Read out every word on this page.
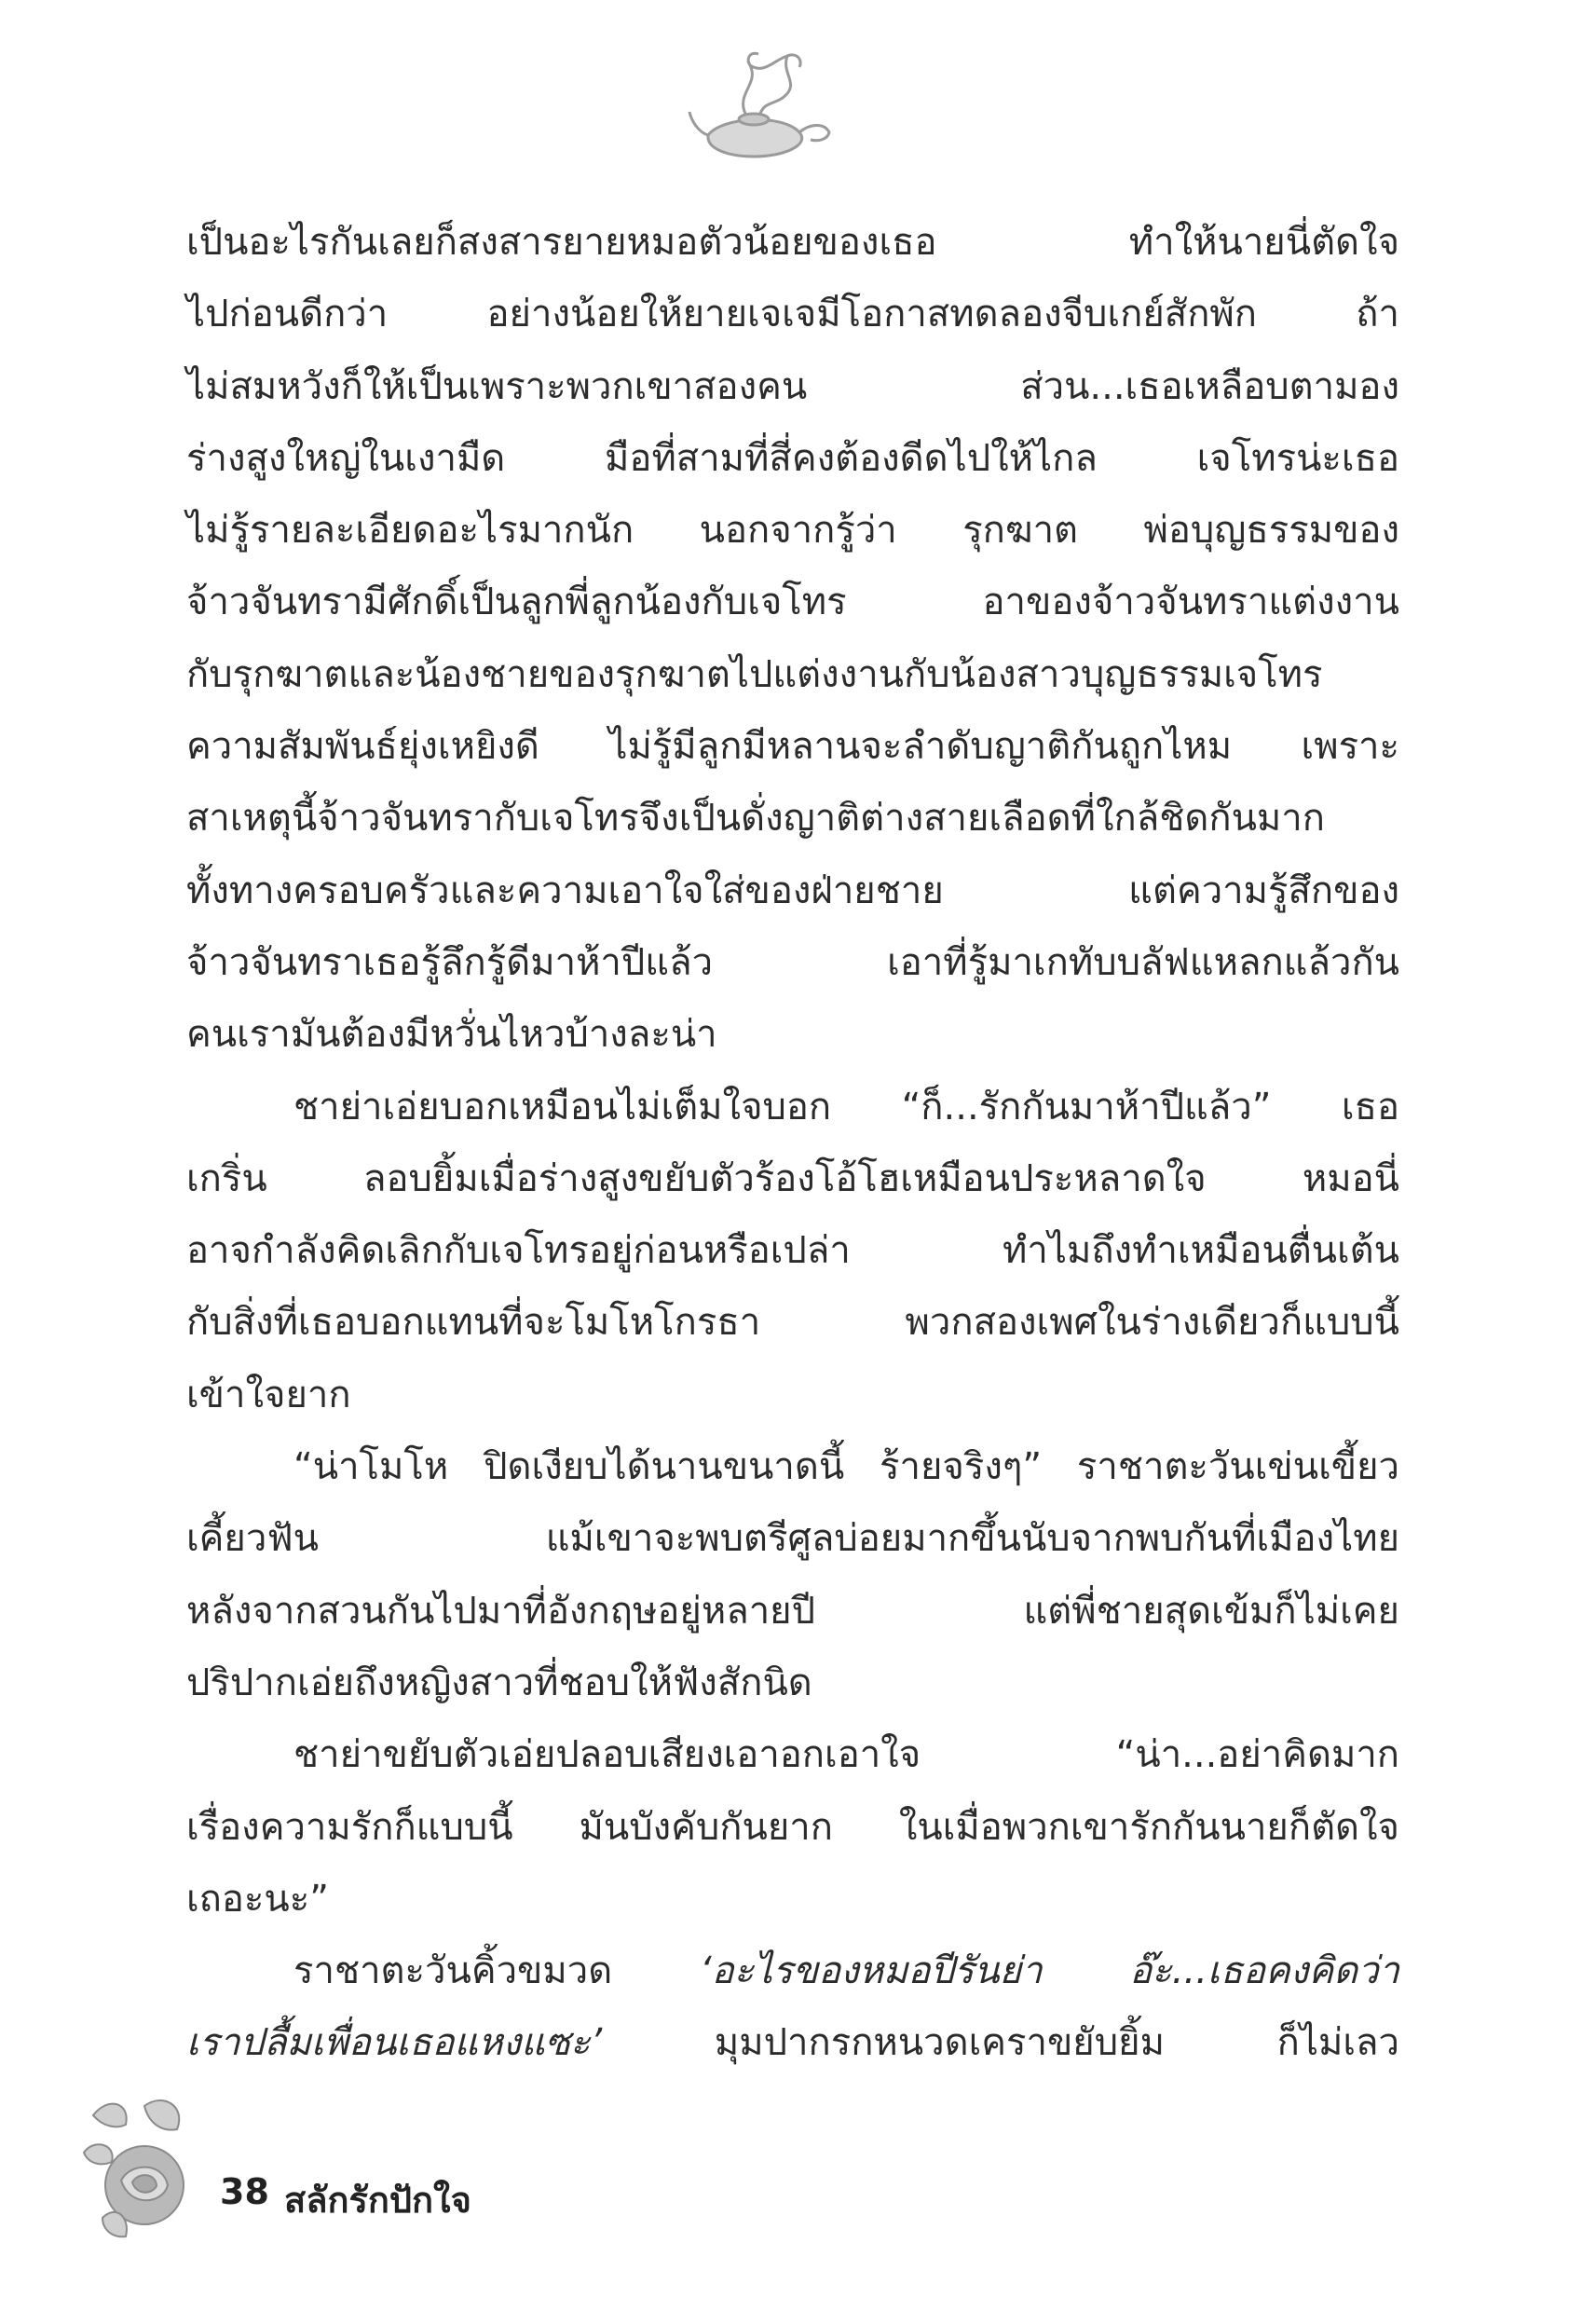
เป็นอะไรกันเลยก็สงสารยายหมอตัวน้อยของเธอ ทำให้นายนี่ตัดใจ
ไปก่อนดีกว่า อย่างน้อยให้ยายเจเจมีโอกาสทดลองจีบเกย์สักพัก ถ้า
ไม่สมหวังก็ให้เป็นเพราะพวกเขาสองคน ส่วน...เธอเหลือบตามอง
ร่างสูงใหญ่ในเงามืด มือที่สามที่สี่คงต้องดีดไปให้ไกล เจโทรน่ะเธอ
ไม่รู้รายละเอียดอะไรมากนัก นอกจากรู้ว่า รุกฆาต พ่อบุญธรรมของ
จ้าวจันทรามีศักดิ์เป็นลูกพี่ลูกน้องกับเจโทร อาของจ้าวจันทราแต่งงาน
กับรุกฆาตและน้องชายของรุกฆาตไปแต่งงานกับน้องสาวบุญธรรมเจโทร
ความสัมพันธ์ยุ่งเหยิงดี ไม่รู้มีลูกมีหลานจะลำดับญาติกันถูกไหม เพราะ
สาเหตุนี้จ้าวจันทรากับเจโทรจึงเป็นดั่งญาติต่างสายเลือดที่ใกล้ชิดกันมาก
ทั้งทางครอบครัวและความเอาใจใส่ของฝ่ายชาย แต่ความรู้สึกของ
จ้าวจันทราเธอรู้ลึกรู้ดีมาห้าปีแล้ว เอาที่รู้มาเกทับบลัฟแหลกแล้วกัน
คนเรามันต้องมีหวั่นไหวบ้างละน่า
ชาย่าเอ่ยบอกเหมือนไม่เต็มใจบอก “ก็...รักกันมาห้าปีแล้ว” เธอ
เกริ่น ลอบยิ้มเมื่อร่างสูงขยับตัวร้องโอ้โฮเหมือนประหลาดใจ หมอนี่
อาจกำลังคิดเลิกกับเจโทรอยู่ก่อนหรือเปล่า ทำไมถึงทำเหมือนตื่นเต้น
กับสิ่งที่เธอบอกแทนที่จะโมโหโกรธา พวกสองเพศในร่างเดียวก็แบบนี้
เข้าใจยาก
“น่าโมโห ปิดเงียบได้นานขนาดนี้ ร้ายจริงๆ” ราชาตะวันเข่นเขี้ยว
เคี้ยวฟัน แม้เขาจะพบตรีศูลบ่อยมากขึ้นนับจากพบกันที่เมืองไทย
หลังจากสวนกันไปมาที่อังกฤษอยู่หลายปี แต่พี่ชายสุดเข้มก็ไม่เคย
ปริปากเอ่ยถึงหญิงสาวที่ชอบให้ฟังสักนิด
ชาย่าขยับตัวเอ่ยปลอบเสียงเอาอกเอาใจ “น่า...อย่าคิดมาก
เรื่องความรักก็แบบนี้ มันบังคับกันยาก ในเมื่อพวกเขารักกันนายก็ตัดใจ
เถอะนะ”
ราชาตะวันคิ้วขมวด ‘อะไรของหมอปีรันย่า อ๊ะ...เธอคงคิดว่า
เราปลื้มเพื่อนเธอแหงแซะ’ มุมปากรกหนวดเคราขยับยิ้ม ก็ไม่เลว
38 สลักรักปักใจ
